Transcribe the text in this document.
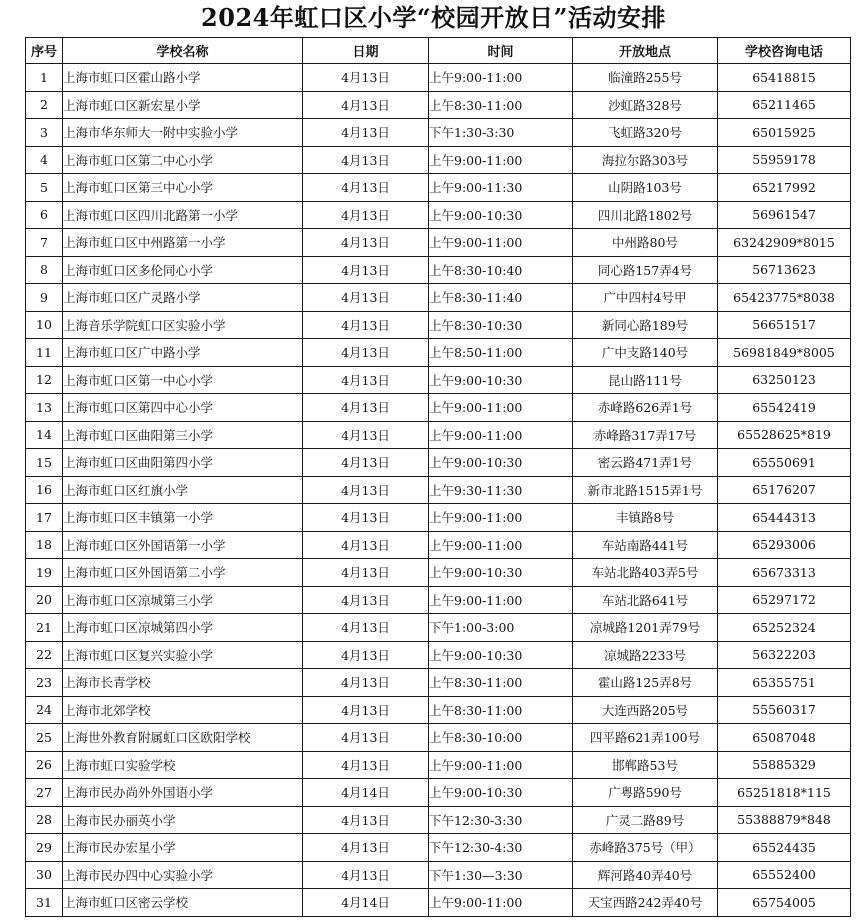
2024年虹口区小学“校园开放日”活动安排
序号	学校名称	日期	时间	开放地点	学校咨询电话
1	上海市虹口区霍山路小学	4月13日	上午9:00-11:00	临潼路255号	65418815
2	上海市虹口区新宏星小学	4月13日	上午8:30-11:00	沙虹路328号	65211465
3	上海市华东师大一附中实验小学	4月13日	下午1:30-3:30	飞虹路320号	65015925
4	上海市虹口区第二中心小学	4月13日	上午9:00-11:00	海拉尔路303号	55959178
5	上海市虹口区第三中心小学	4月13日	上午9:00-11:30	山阴路103号	65217992
6	上海市虹口区四川北路第一小学	4月13日	上午9:00-10:30	四川北路1802号	56961547
7	上海市虹口区中州路第一小学	4月13日	上午9:00-11:00	中州路80号	63242909*8015
8	上海市虹口区多伦同心小学	4月13日	上午8:30-10:40	同心路157弄4号	56713623
9	上海市虹口区广灵路小学	4月13日	上午8:30-11:40	广中四村4号甲	65423775*8038
10	上海音乐学院虹口区实验小学	4月13日	上午8:30-10:30	新同心路189号	56651517
11	上海市虹口区广中路小学	4月13日	上午8:50-11:00	广中支路140号	56981849*8005
12	上海市虹口区第一中心小学	4月13日	上午9:00-10:30	昆山路111号	63250123
13	上海市虹口区第四中心小学	4月13日	上午9:00-11:00	赤峰路626弄1号	65542419
14	上海市虹口区曲阳第三小学	4月13日	上午9:00-11:00	赤峰路317弄17号	65528625*819
15	上海市虹口区曲阳第四小学	4月13日	上午9:00-10:30	密云路471弄1号	65550691
16	上海市虹口区红旗小学	4月13日	上午9:30-11:30	新市北路1515弄1号	65176207
17	上海市虹口区丰镇第一小学	4月13日	上午9:00-11:00	丰镇路8号	65444313
18	上海市虹口区外国语第一小学	4月13日	上午9:00-11:00	车站南路441号	65293006
19	上海市虹口区外国语第二小学	4月13日	上午9:00-10:30	车站北路403弄5号	65673313
20	上海市虹口区凉城第三小学	4月13日	上午9:00-11:00	车站北路641号	65297172
21	上海市虹口区凉城第四小学	4月13日	下午1:00-3:00	凉城路1201弄79号	65252324
22	上海市虹口区复兴实验小学	4月13日	上午9:00-10:30	凉城路2233号	56322203
23	上海市长青学校	4月13日	上午8:30-11:00	霍山路125弄8号	65355751
24	上海市北郊学校	4月13日	上午8:30-11:00	大连西路205号	55560317
25	上海世外教育附属虹口区欧阳学校	4月13日	上午8:30-10:00	四平路621弄100号	65087048
26	上海市虹口实验学校	4月13日	上午9:00-11:00	邯郸路53号	55885329
27	上海市民办尚外外国语小学	4月14日	上午9:00-10:30	广粤路590号	65251818*115
28	上海市民办丽英小学	4月13日	下午12:30-3:30	广灵二路89号	55388879*848
29	上海市民办宏星小学	4月13日	下午12:30-4:30	赤峰路375号（甲）	65524435
30	上海市民办四中心实验小学	4月13日	下午1:30—3:30	辉河路40弄40号	65552400
31	上海市虹口区密云学校	4月14日	上午9:00-11:00	天宝西路242弄40号	65754005
